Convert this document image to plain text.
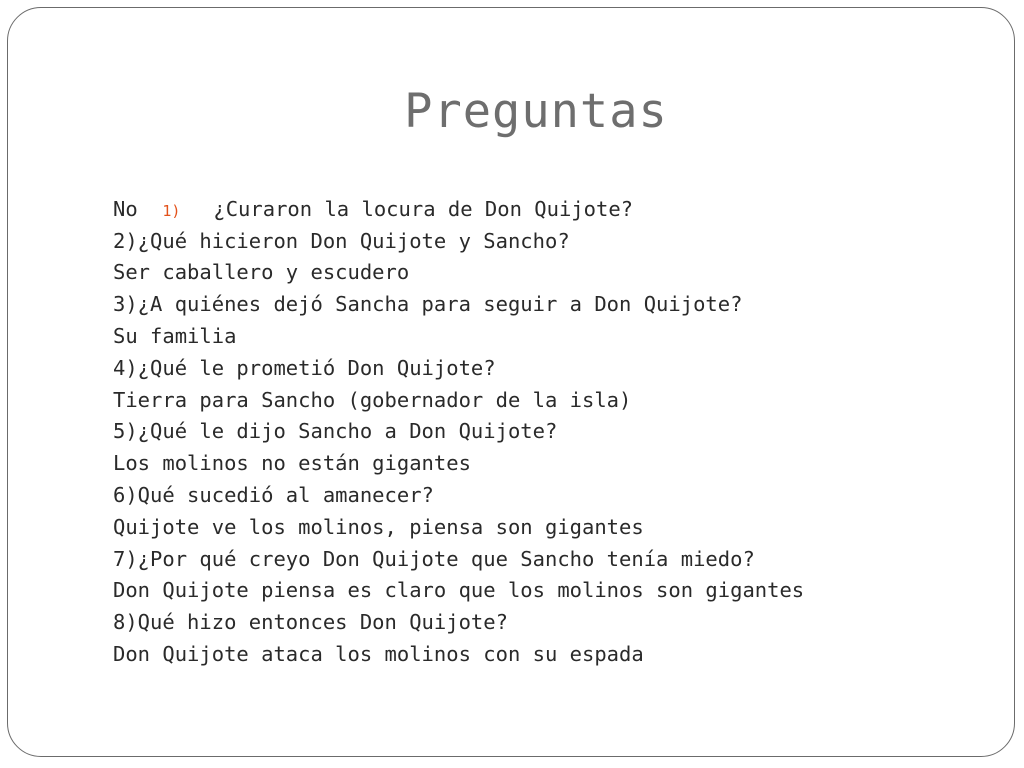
Preguntas

1) ¿Curaron la locura de Don Quijote?

No
2)¿Qué hicieron Don Quijote y Sancho?
Ser caballero y escudero
3)¿A quiénes dejó Sancha para seguir a Don Quijote?
Su familia
4)¿Qué le prometió Don Quijote?
Tierra para Sancho (gobernador de la isla)
5)¿Qué le dijo Sancho a Don Quijote?
Los molinos no están gigantes
6)Qué sucedió al amanecer?
Quijote ve los molinos, piensa son gigantes
7)¿Por qué creyo Don Quijote que Sancho tenía miedo?
Don Quijote piensa es claro que los molinos son gigantes
8)Qué hizo entonces Don Quijote?
Don Quijote ataca los molinos con su espada
